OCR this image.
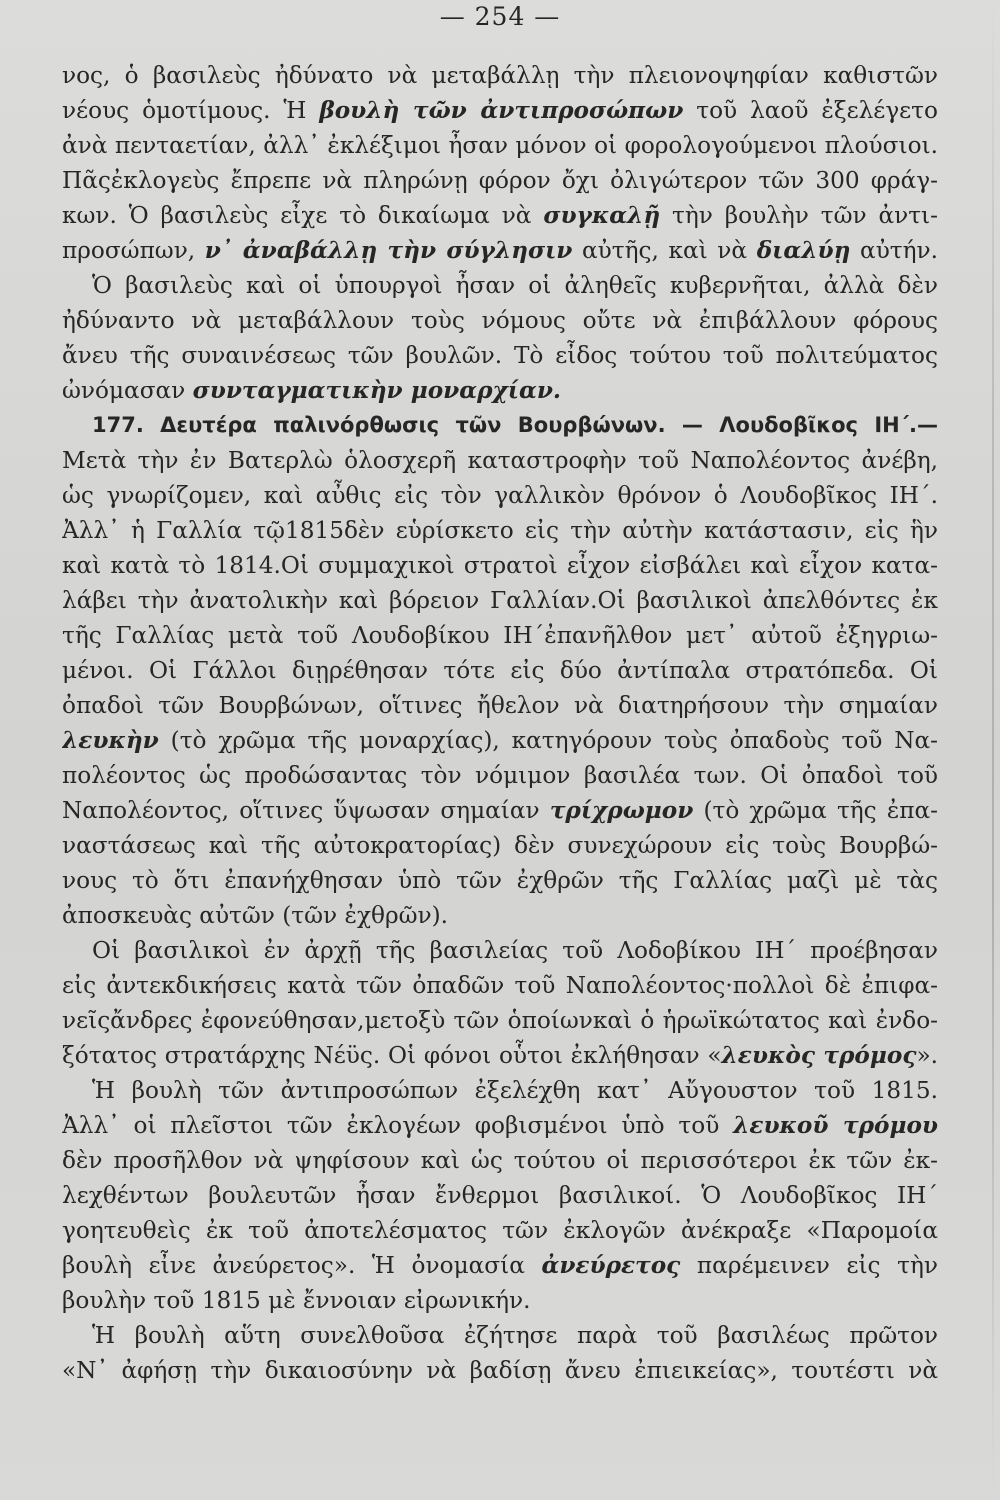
— 254 —
νος, ὁ βασιλεὺς ἠδύνατο νὰ μεταβάλλῃ τὴν πλειονοψηφίαν καθιστῶν
νέους ὁμοτίμους. Ἡ βουλὴ τῶν ἀντιπροσώπων τοῦ λαοῦ ἐξελέγετο
ἀνὰ πενταετίαν, ἀλλ᾽ ἐκλέξιμοι ἦσαν μόνον οἱ φορολογούμενοι πλούσιοι.
Πᾶςἐκλογεὺς ἔπρεπε νὰ πληρώνῃ φόρον ὄχι ὀλιγώτερον τῶν 300 φράγ-
κων. Ὁ βασιλεὺς εἶχε τὸ δικαίωμα νὰ συγκαλῇ τὴν βουλὴν τῶν ἀντι-
προσώπων, ν᾽ ἀναβάλλῃ τὴν σύγλησιν αὐτῆς, καὶ νὰ διαλύῃ αὐτήν.
Ὁ βασιλεὺς καὶ οἱ ὑπουργοὶ ἦσαν οἱ ἀληθεῖς κυβερνῆται, ἀλλὰ δὲν
ἠδύναντο νὰ μεταβάλλουν τοὺς νόμους οὔτε νὰ ἐπιβάλλουν φόρους
ἄνευ τῆς συναινέσεως τῶν βουλῶν. Τὸ εἶδος τούτου τοῦ πολιτεύματος
ὠνόμασαν συνταγματικὴν μοναρχίαν.
177. Δευτέρα παλινόρθωσις τῶν Βουρβώνων. — Λουδοβῖκος ΙΗ΄.—
Μετὰ τὴν ἐν Βατερλὼ ὁλοσχερῆ καταστροφὴν τοῦ Ναπολέοντος ἀνέβη,
ὡς γνωρίζομεν, καὶ αὖθις εἰς τὸν γαλλικὸν θρόνον ὁ Λουδοβῖκος ΙΗ΄.
Ἀλλ᾽ ἡ Γαλλία τῷ1815δὲν εὑρίσκετο εἰς τὴν αὐτὴν κατάστασιν, εἰς ἣν
καὶ κατὰ τὸ 1814.Οἱ συμμαχικοὶ στρατοὶ εἶχον εἰσβάλει καὶ εἶχον κατα-
λάβει τὴν ἀνατολικὴν καὶ βόρειον Γαλλίαν.Οἱ βασιλικοὶ ἀπελθόντες ἐκ
τῆς Γαλλίας μετὰ τοῦ Λουδοβίκου ΙΗ΄ἐπανῆλθον μετ᾽ αὐτοῦ ἐξηγριω-
μένοι. Οἱ Γάλλοι διῃρέθησαν τότε εἰς δύο ἀντίπαλα στρατόπεδα. Οἱ
ὀπαδοὶ τῶν Βουρβώνων, οἵτινες ἤθελον νὰ διατηρήσουν τὴν σημαίαν
λευκὴν (τὸ χρῶμα τῆς μοναρχίας), κατηγόρουν τοὺς ὀπαδοὺς τοῦ Να-
πολέοντος ὡς προδώσαντας τὸν νόμιμον βασιλέα των. Οἱ ὀπαδοὶ τοῦ
Ναπολέοντος, οἵτινες ὕψωσαν σημαίαν τρίχρωμον (τὸ χρῶμα τῆς ἐπα-
ναστάσεως καὶ τῆς αὐτοκρατορίας) δὲν συνεχώρουν εἰς τοὺς Βουρβώ-
νους τὸ ὅτι ἐπανήχθησαν ὑπὸ τῶν ἐχθρῶν τῆς Γαλλίας μαζὶ μὲ τὰς
ἀποσκευὰς αὐτῶν (τῶν ἐχθρῶν).
Οἱ βασιλικοὶ ἐν ἀρχῇ τῆς βασιλείας τοῦ Λοδοβίκου ΙΗ΄ προέβησαν
εἰς ἀντεκδικήσεις κατὰ τῶν ὀπαδῶν τοῦ Ναπολέοντος·πολλοὶ δὲ ἐπιφα-
νεῖςἄνδρες ἐφονεύθησαν,μετοξὺ τῶν ὁποίωνκαὶ ὁ ἡρωϊκώτατος καὶ ἐνδο-
ξότατος στρατάρχης Νέϋς. Οἱ φόνοι οὗτοι ἐκλήθησαν «λευκὸς τρόμος».
Ἡ βουλὴ τῶν ἀντιπροσώπων ἐξελέχθη κατ᾽ Αὔγουστον τοῦ 1815.
Ἀλλ᾽ οἱ πλεῖστοι τῶν ἐκλογέων φοβισμένοι ὑπὸ τοῦ λευκοῦ τρόμου
δὲν προσῆλθον νὰ ψηφίσουν καὶ ὡς τούτου οἱ περισσότεροι ἐκ τῶν ἐκ-
λεχθέντων βουλευτῶν ἦσαν ἔνθερμοι βασιλικοί. Ὁ Λουδοβῖκος ΙΗ΄
γοητευθεὶς ἐκ τοῦ ἀποτελέσματος τῶν ἐκλογῶν ἀνέκραξε «Παρομοία
βουλὴ εἶνε ἀνεύρετος». Ἡ ὀνομασία ἀνεύρετος παρέμεινεν εἰς τὴν
βουλὴν τοῦ 1815 μὲ ἔννοιαν εἰρωνικήν.
Ἡ βουλὴ αὕτη συνελθοῦσα ἐζήτησε παρὰ τοῦ βασιλέως πρῶτον
«Ν᾽ ἀφήσῃ τὴν δικαιοσύνην νὰ βαδίσῃ ἄνευ ἐπιεικείας», τουτέστι νὰ
